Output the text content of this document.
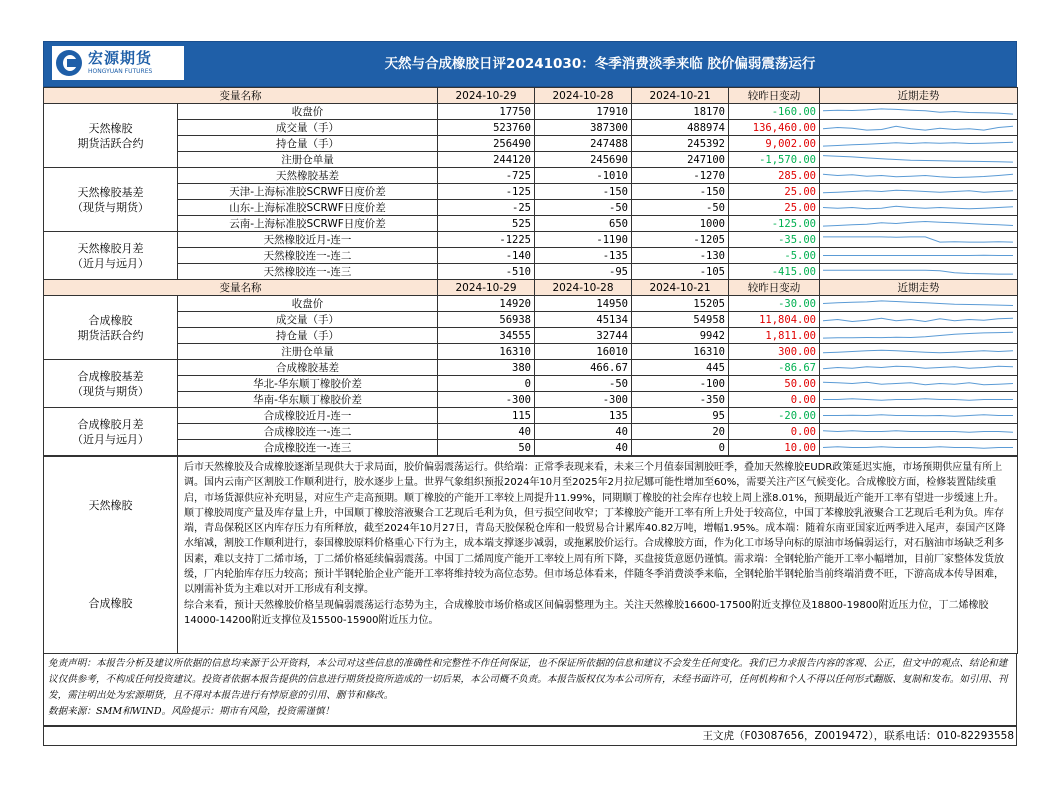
宏源期货
HONGYUAN FUTURES	天然与合成橡胶日评20241030：冬季消费淡季来临 胶价偏弱震荡运行
变量名称		2024-10-29	2024-10-28	2024-10-21	较昨日变动	近期走势
天然橡胶
期货活跃合约	收盘价	17750	17910	18170	-160.00	

	成交量（手）	523760	387300	488974	136,460.00	

	持仓量（手）	256490	247488	245392	9,002.00	

	注册仓单量	244120	245690	247100	-1,570.00	

天然橡胶基差
（现货与期货）	天然橡胶基差	-725	-1010	-1270	285.00	

	天津-上海标准胶SCRWF日度价差	-125	-150	-150	25.00	

	山东-上海标准胶SCRWF日度价差	-25	-50	-50	25.00	

	云南-上海标准胶SCRWF日度价差	525	650	1000	-125.00	

天然橡胶月差
（近月与远月）	天然橡胶近月-连一	-1225	-1190	-1205	-35.00	

	天然橡胶连一-连二	-140	-135	-130	-5.00	

	天然橡胶连一-连三	-510	-95	-105	-415.00	

变量名称		2024-10-29	2024-10-28	2024-10-21	较昨日变动	近期走势
合成橡胶
期货活跃合约	收盘价	14920	14950	15205	-30.00	

	成交量（手）	56938	45134	54958	11,804.00	

	持仓量（手）	34555	32744	9942	1,811.00	

	注册仓单量	16310	16010	16310	300.00	

合成橡胶基差
（现货与期货）	合成橡胶基差	380	466.67	445	-86.67	

	华北-华东顺丁橡胶价差	0	-50	-100	50.00	

	华南-华东顺丁橡胶价差	-300	-300	-350	0.00	

合成橡胶月差
（近月与远月）	合成橡胶近月-连一	115	135	95	-20.00	

	合成橡胶连一-连二	40	40	20	0.00	

	合成橡胶连一-连三	50	40	0	10.00	
天然橡胶	后市天然橡胶及合成橡胶逐渐呈现供大于求局面，胶价偏弱震荡运行。供给端：正常季表现来看，未来三个月值泰国割胶旺季，叠加天然橡胶EUDR政策延迟实施，市场预期供应量有所上调。国内云南产区割胶工作顺利进行，胶水逐步上量。世界气象组织预报2024年10月至2025年2月拉尼娜可能性增加至60%，需要关注产区气候变化。合成橡胶方面，检修装置陆续重启，市场货源供应补充明显，对应生产走高预期。顺丁橡胶的产能开工率较上周提升11.99%，同期顺丁橡胶的社会库存也较上周上涨8.01%，预期最近产能开工率有望进一步缓速上升。顺丁橡胶周度产量及库存量上升，中国顺丁橡胶溶液聚合工艺现后毛利为负，但亏损空间收窄；丁苯橡胶产能开工率有所上升处于较高位，中国丁苯橡胶乳液聚合工艺现后毛利为负。库存端，青岛保税区区内库存压力有所释放，截至2024年10月27日，青岛天胶保税仓库和一般贸易合计累库40.82万吨，增幅1.95%。成本端：随着东南亚国家近两季进入尾声，泰国产区降水缩减，割胶工作顺利进行，泰国橡胶原料价格重心下行为主，成本端支撑逐步减弱，或拖累胶价运行。合成橡胶方面，作为化工市场导向标的原油市场偏弱运行，对石脑油市场缺乏利多因素，难以支持丁二烯市场，丁二烯价格延续偏弱震荡。中国丁二烯周度产能开工率较上周有所下降，买盘接货意愿仍谨慎。需求端：全钢轮胎产能开工率小幅增加，目前厂家整体发货放缓，厂内轮胎库存压力较高；预计半钢轮胎企业产能开工率将维持较为高位态势。但市场总体看来，伴随冬季消费淡季来临，全钢轮胎半钢轮胎当前终端消费不旺，下游高成本传导困难，以刚需补货为主难以对开工形成有利支撑。
综合来看，预计天然橡胶价格呈现偏弱震荡运行态势为主，合成橡胶市场价格或区间偏弱整理为主。关注天然橡胶16600-17500附近支撑位及18800-19800附近压力位，丁二烯橡胶14000-14200附近支撑位及15500-15900附近压力位。
合成橡胶
免责声明：本报告分析及建议所依据的信息均来源于公开资料，本公司对这些信息的准确性和完整性不作任何保证，也不保证所依据的信息和建议不会发生任何变化。我们已力求报告内容的客观、公正，但文中的观点、结论和建议仅供参考，不构成任何投资建议。投资者依据本报告提供的信息进行期货投资所造成的一切后果，本公司概不负责。本报告版权仅为本公司所有，未经书面许可，任何机构和个人不得以任何形式翻版、复制和发布。如引用、刊发，需注明出处为宏源期货，且不得对本报告进行有悖原意的引用、删节和修改。
数据来源：SMM和WIND。风险提示：期市有风险，投资需谨慎！
王文虎（F03087656，Z0019472），联系电话：010-82293558
